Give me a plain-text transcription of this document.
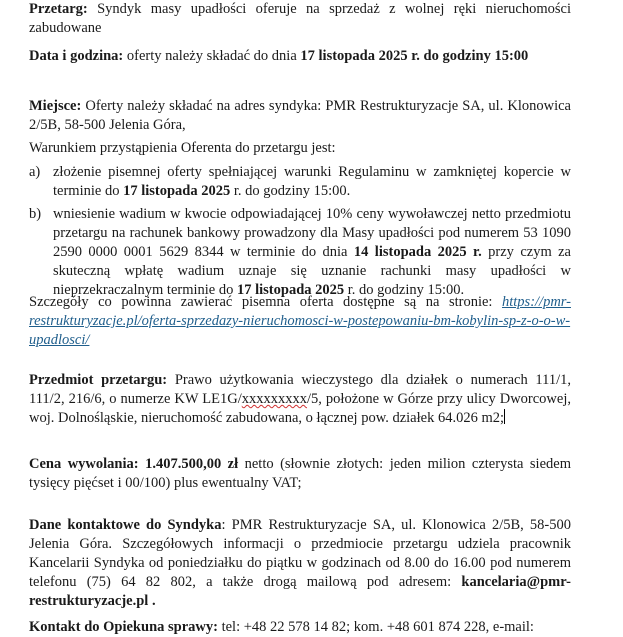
Przetarg: Syndyk masy upadłości oferuje na sprzedaż z wolnej ręki nieruchomości zabudowane
Data i godzina: oferty należy składać do dnia 17 listopada 2025 r. do godziny 15:00
Miejsce: Oferty należy składać na adres syndyka: PMR Restrukturyzacje SA, ul. Klonowica 2/5B, 58-500 Jelenia Góra,
Warunkiem przystąpienia Oferenta do przetargu jest:
a) złożenie pisemnej oferty spełniającej warunki Regulaminu w zamkniętej kopercie w terminie do 17 listopada 2025 r. do godziny 15:00.
b) wniesienie wadium w kwocie odpowiadającej 10% ceny wywoławczej netto przedmiotu przetargu na rachunek bankowy prowadzony dla Masy upadłości pod numerem 53 1090 2590 0000 0001 5629 8344 w terminie do dnia 14 listopada 2025 r. przy czym za skuteczną wpłatę wadium uznaje się uznanie rachunki masy upadłości w nieprzekraczalnym terminie do 17 listopada 2025 r. do godziny 15:00.
Szczegóły co powinna zawierać pisemna oferta dostępne są na stronie: https://pmr-restrukturyzacje.pl/oferta-sprzedazy-nieruchomosci-w-postepowaniu-bm-kobylin-sp-z-o-o-w-upadlosci/
Przedmiot przetargu: Prawo użytkowania wieczystego dla działek o numerach 111/1, 111/2, 216/6, o numerze KW LE1G/xxxxxxxxx/5, położone w Górze przy ulicy Dworcowej, woj. Dolnośląskie, nieruchomość zabudowana, o łącznej pow. działek 64.026 m2;
Cena wywolania: 1.407.500,00 zł netto (słownie złotych: jeden milion czterysta siedem tysięcy pięćset i 00/100) plus ewentualny VAT;
Dane kontaktowe do Syndyka: PMR Restrukturyzacje SA, ul. Klonowica 2/5B, 58-500 Jelenia Góra. Szczegółowych informacji o przedmiocie przetargu udziela pracownik Kancelarii Syndyka od poniedziałku do piątku w godzinach od 8.00 do 16.00 pod numerem telefonu (75) 64 82 802, a także drogą mailową pod adresem: kancelaria@pmr-restrukturyzacje.pl .
Kontakt do Opiekuna sprawy: tel: +48 22 578 14 82; kom. +48 601 874 228, e-mail:
